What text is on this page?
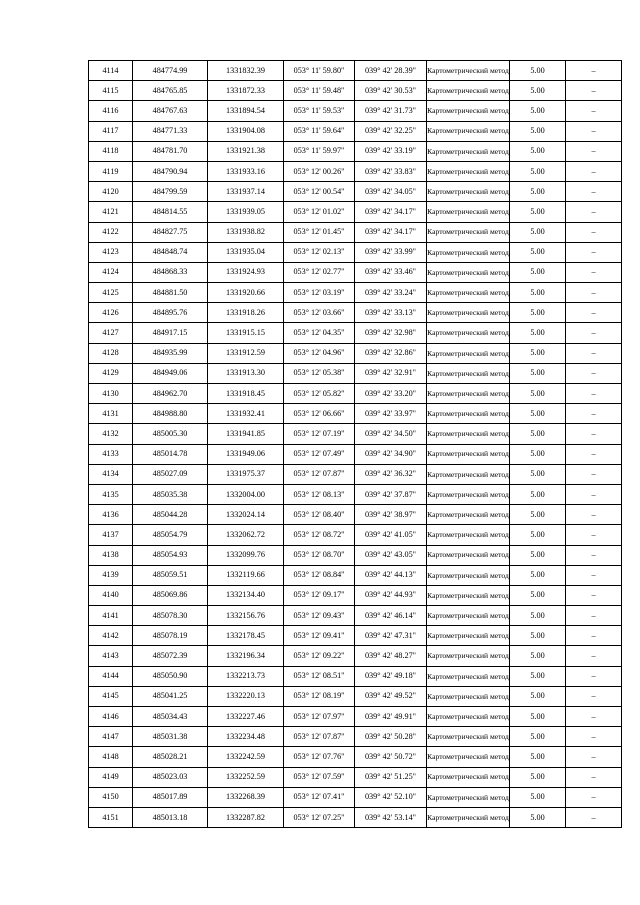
4114	484774.99	1331832.39	053° 11' 59.80"	039° 42' 28.39"	Картометрический метод	5.00	–
4115	484765.85	1331872.33	053° 11' 59.48"	039° 42' 30.53"	Картометрический метод	5.00	–
4116	484767.63	1331894.54	053° 11' 59.53"	039° 42' 31.73"	Картометрический метод	5.00	–
4117	484771.33	1331904.08	053° 11' 59.64"	039° 42' 32.25"	Картометрический метод	5.00	–
4118	484781.70	1331921.38	053° 11' 59.97"	039° 42' 33.19"	Картометрический метод	5.00	–
4119	484790.94	1331933.16	053° 12' 00.26"	039° 42' 33.83"	Картометрический метод	5.00	–
4120	484799.59	1331937.14	053° 12' 00.54"	039° 42' 34.05"	Картометрический метод	5.00	–
4121	484814.55	1331939.05	053° 12' 01.02"	039° 42' 34.17"	Картометрический метод	5.00	–
4122	484827.75	1331938.82	053° 12' 01.45"	039° 42' 34.17"	Картометрический метод	5.00	–
4123	484848.74	1331935.04	053° 12' 02.13"	039° 42' 33.99"	Картометрический метод	5.00	–
4124	484868.33	1331924.93	053° 12' 02.77"	039° 42' 33.46"	Картометрический метод	5.00	–
4125	484881.50	1331920.66	053° 12' 03.19"	039° 42' 33.24"	Картометрический метод	5.00	–
4126	484895.76	1331918.26	053° 12' 03.66"	039° 42' 33.13"	Картометрический метод	5.00	–
4127	484917.15	1331915.15	053° 12' 04.35"	039° 42' 32.98"	Картометрический метод	5.00	–
4128	484935.99	1331912.59	053° 12' 04.96"	039° 42' 32.86"	Картометрический метод	5.00	–
4129	484949.06	1331913.30	053° 12' 05.38"	039° 42' 32.91"	Картометрический метод	5.00	–
4130	484962.70	1331918.45	053° 12' 05.82"	039° 42' 33.20"	Картометрический метод	5.00	–
4131	484988.80	1331932.41	053° 12' 06.66"	039° 42' 33.97"	Картометрический метод	5.00	–
4132	485005.30	1331941.85	053° 12' 07.19"	039° 42' 34.50"	Картометрический метод	5.00	–
4133	485014.78	1331949.06	053° 12' 07.49"	039° 42' 34.90"	Картометрический метод	5.00	–
4134	485027.09	1331975.37	053° 12' 07.87"	039° 42' 36.32"	Картометрический метод	5.00	–
4135	485035.38	1332004.00	053° 12' 08.13"	039° 42' 37.87"	Картометрический метод	5.00	–
4136	485044.28	1332024.14	053° 12' 08.40"	039° 42' 38.97"	Картометрический метод	5.00	–
4137	485054.79	1332062.72	053° 12' 08.72"	039° 42' 41.05"	Картометрический метод	5.00	–
4138	485054.93	1332099.76	053° 12' 08.70"	039° 42' 43.05"	Картометрический метод	5.00	–
4139	485059.51	1332119.66	053° 12' 08.84"	039° 42' 44.13"	Картометрический метод	5.00	–
4140	485069.86	1332134.40	053° 12' 09.17"	039° 42' 44.93"	Картометрический метод	5.00	–
4141	485078.30	1332156.76	053° 12' 09.43"	039° 42' 46.14"	Картометрический метод	5.00	–
4142	485078.19	1332178.45	053° 12' 09.41"	039° 42' 47.31"	Картометрический метод	5.00	–
4143	485072.39	1332196.34	053° 12' 09.22"	039° 42' 48.27"	Картометрический метод	5.00	–
4144	485050.90	1332213.73	053° 12' 08.51"	039° 42' 49.18"	Картометрический метод	5.00	–
4145	485041.25	1332220.13	053° 12' 08.19"	039° 42' 49.52"	Картометрический метод	5.00	–
4146	485034.43	1332227.46	053° 12' 07.97"	039° 42' 49.91"	Картометрический метод	5.00	–
4147	485031.38	1332234.48	053° 12' 07.87"	039° 42' 50.28"	Картометрический метод	5.00	–
4148	485028.21	1332242.59	053° 12' 07.76"	039° 42' 50.72"	Картометрический метод	5.00	–
4149	485023.03	1332252.59	053° 12' 07.59"	039° 42' 51.25"	Картометрический метод	5.00	–
4150	485017.89	1332268.39	053° 12' 07.41"	039° 42' 52.10"	Картометрический метод	5.00	–
4151	485013.18	1332287.82	053° 12' 07.25"	039° 42' 53.14"	Картометрический метод	5.00	–
